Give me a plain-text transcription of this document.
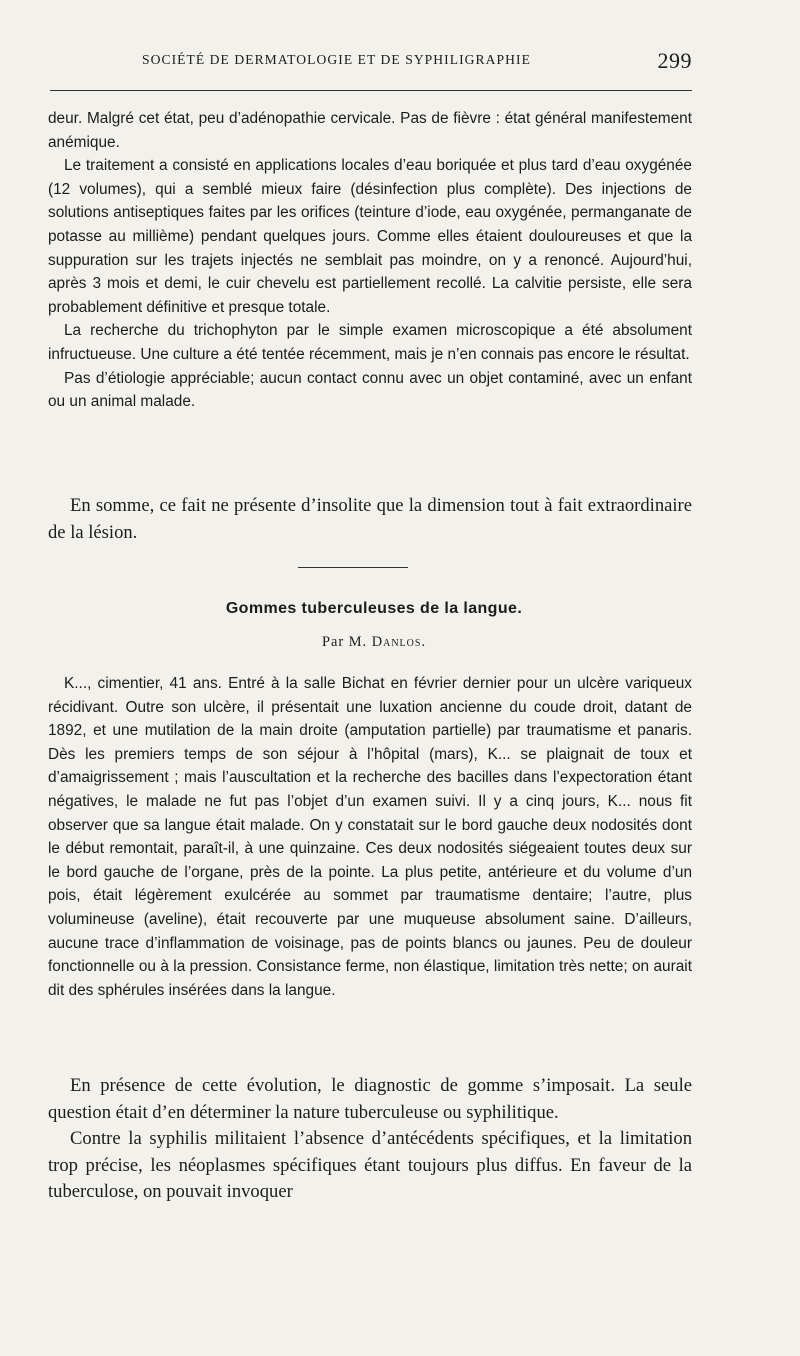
SOCIÉTÉ DE DERMATOLOGIE ET DE SYPHILIGRAPHIE	299

deur. Malgré cet état, peu d’adénopathie cervicale. Pas de fièvre : état général manifestement anémique.

Le traitement a consisté en applications locales d’eau boriquée et plus tard d’eau oxygénée (12 volumes), qui a semblé mieux faire (désinfection plus complète). Des injections de solutions antiseptiques faites par les orifices (teinture d’iode, eau oxygénée, permanganate de potasse au millième) pendant quelques jours. Comme elles étaient douloureuses et que la suppuration sur les trajets injectés ne semblait pas moindre, on y a renoncé. Aujourd’hui, après 3 mois et demi, le cuir chevelu est partiellement recollé. La calvitie persiste, elle sera probablement définitive et presque totale.

La recherche du trichophyton par le simple examen microscopique a été absolument infructueuse. Une culture a été tentée récemment, mais je n’en connais pas encore le résultat.

Pas d’étiologie appréciable; aucun contact connu avec un objet contaminé, avec un enfant ou un animal malade.

En somme, ce fait ne présente d’insolite que la dimension tout à fait extraordinaire de la lésion.

Gommes tuberculeuses de la langue.
Par M. Danlos.

K..., cimentier, 41 ans. Entré à la salle Bichat en février dernier pour un ulcère variqueux récidivant. Outre son ulcère, il présentait une luxation ancienne du coude droit, datant de 1892, et une mutilation de la main droite (amputation partielle) par traumatisme et panaris. Dès les premiers temps de son séjour à l’hôpital (mars), K... se plaignait de toux et d’amaigrissement ; mais l’auscultation et la recherche des bacilles dans l’expectoration étant négatives, le malade ne fut pas l’objet d’un examen suivi. Il y a cinq jours, K... nous fit observer que sa langue était malade. On y constatait sur le bord gauche deux nodosités dont le début remontait, paraît-il, à une quinzaine. Ces deux nodosités siégeaient toutes deux sur le bord gauche de l’organe, près de la pointe. La plus petite, antérieure et du volume d’un pois, était légèrement exulcérée au sommet par traumatisme dentaire; l’autre, plus volumineuse (aveline), était recouverte par une muqueuse absolument saine. D’ailleurs, aucune trace d’inflammation de voisinage, pas de points blancs ou jaunes. Peu de douleur fonctionnelle ou à la pression. Consistance ferme, non élastique, limitation très nette; on aurait dit des sphérules insérées dans la langue.

En présence de cette évolution, le diagnostic de gomme s’imposait. La seule question était d’en déterminer la nature tuberculeuse ou syphilitique.

Contre la syphilis militaient l’absence d’antécédents spécifiques, et la limitation trop précise, les néoplasmes spécifiques étant toujours plus diffus. En faveur de la tuberculose, on pouvait invoquer
